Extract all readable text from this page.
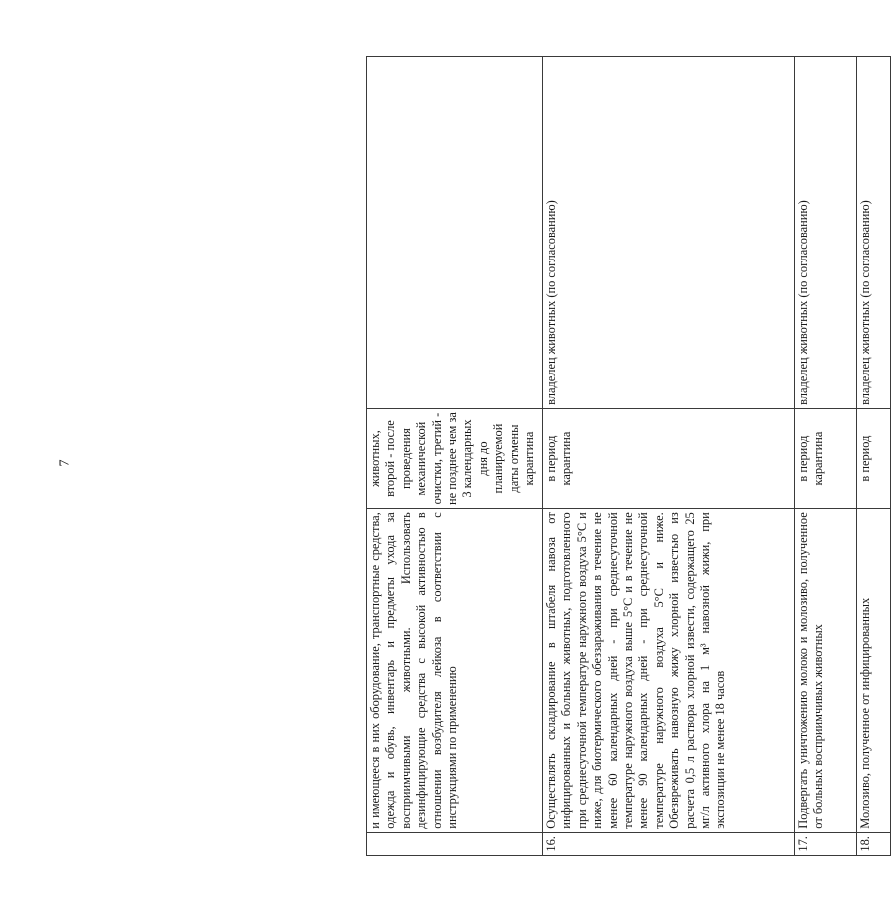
7
	и имеющееся в них оборудование, транспортные средства, одежда и обувь, инвентарь и предметы ухода за восприимчивыми животными. Использовать дезинфицирующие средства с высокой активностью в отношении возбудителя лейкоза в соответствии с инструкциями по применению	животных, второй - после проведения механической очистки, третий - не позднее чем за 3 календарных дня до планируемой даты отмены карантина	
16.	Осуществлять складирование в штабеля навоза от инфицированных и больных животных, подготовленного при среднесуточной температуре наружного воздуха 5°С и ниже, для биотермического обеззараживания в течение не менее 60 календарных дней - при среднесуточной температуре наружного воздуха выше 5°С и в течение не менее 90 календарных дней - при среднесуточной температуре наружного воздуха 5°С и ниже. Обезвреживать навозную жижу хлорной известью из расчета 0,5 л раствора хлорной извести, содержащего 25 мг/л активного хлора на 1 м³ навозной жижи, при экспозиции не менее 18 часов	в период карантина	владелец животных (по согласованию)
17.	Подвергать уничтожению молоко и молозиво, полученное от больных восприимчивых животных	в период карантина	владелец животных (по согласованию)
18.	Молозиво, полученное от инфицированных	в период	владелец животных (по согласованию)
